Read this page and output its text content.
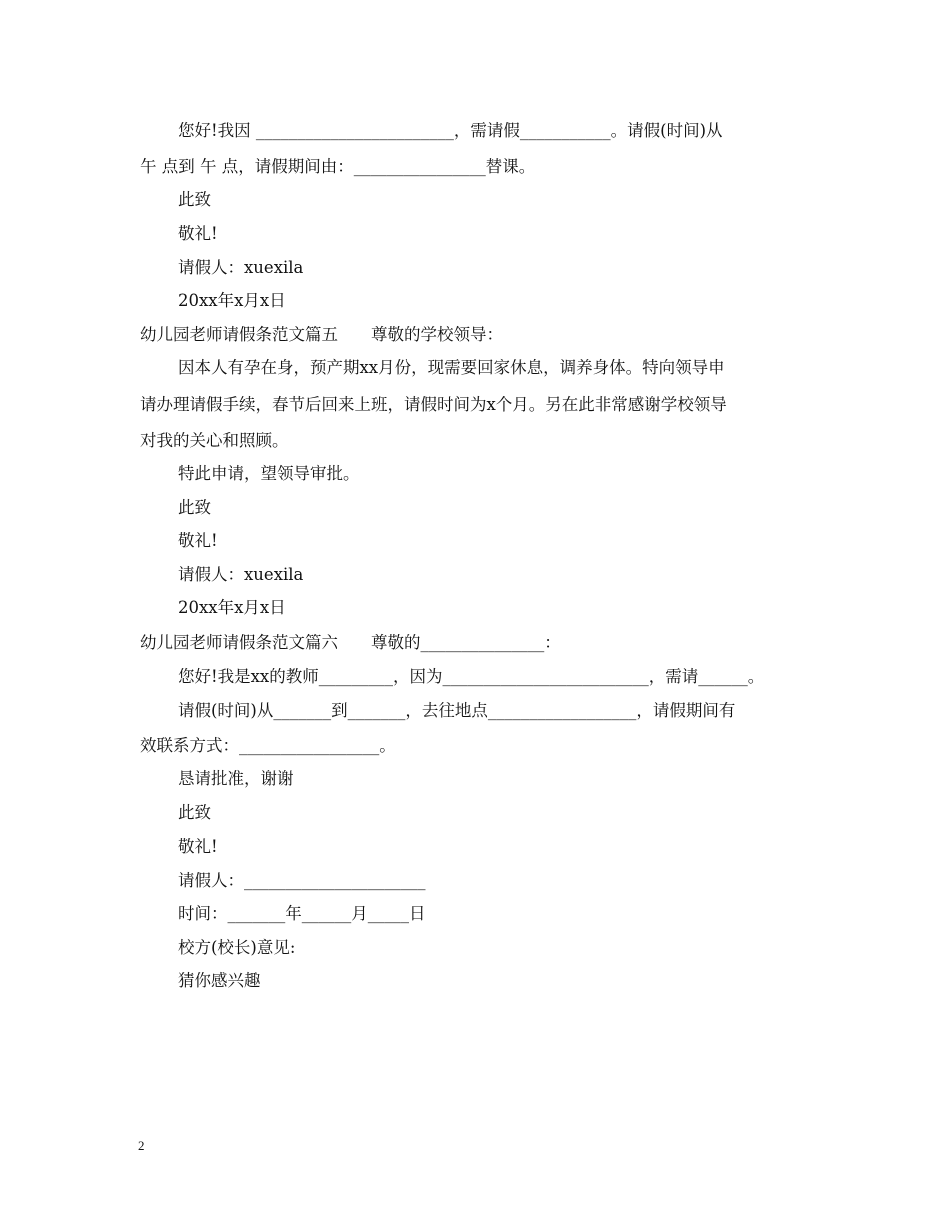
您好!我因 ________________________，需请假___________。请假(时间)从
午 点到 午 点，请假期间由：________________替课。
此致
敬礼!
请假人：xuexila
20xx年x月x日
幼儿园老师请假条范文篇五　　尊敬的学校领导：
因本人有孕在身，预产期xx月份，现需要回家休息，调养身体。特向领导申
请办理请假手续，春节后回来上班，请假时间为x个月。另在此非常感谢学校领导
对我的关心和照顾。
特此申请，望领导审批。
此致
敬礼!
请假人：xuexila
20xx年x月x日
幼儿园老师请假条范文篇六　　尊敬的_______________：
您好!我是xx的教师_________，因为_________________________，需请______。
请假(时间)从_______到_______，去往地点__________________，请假期间有
效联系方式：_________________。
恳请批准，谢谢
此致
敬礼!
请假人：______________________
时间：_______年______月_____日
校方(校长)意见:
猜你感兴趣
2
